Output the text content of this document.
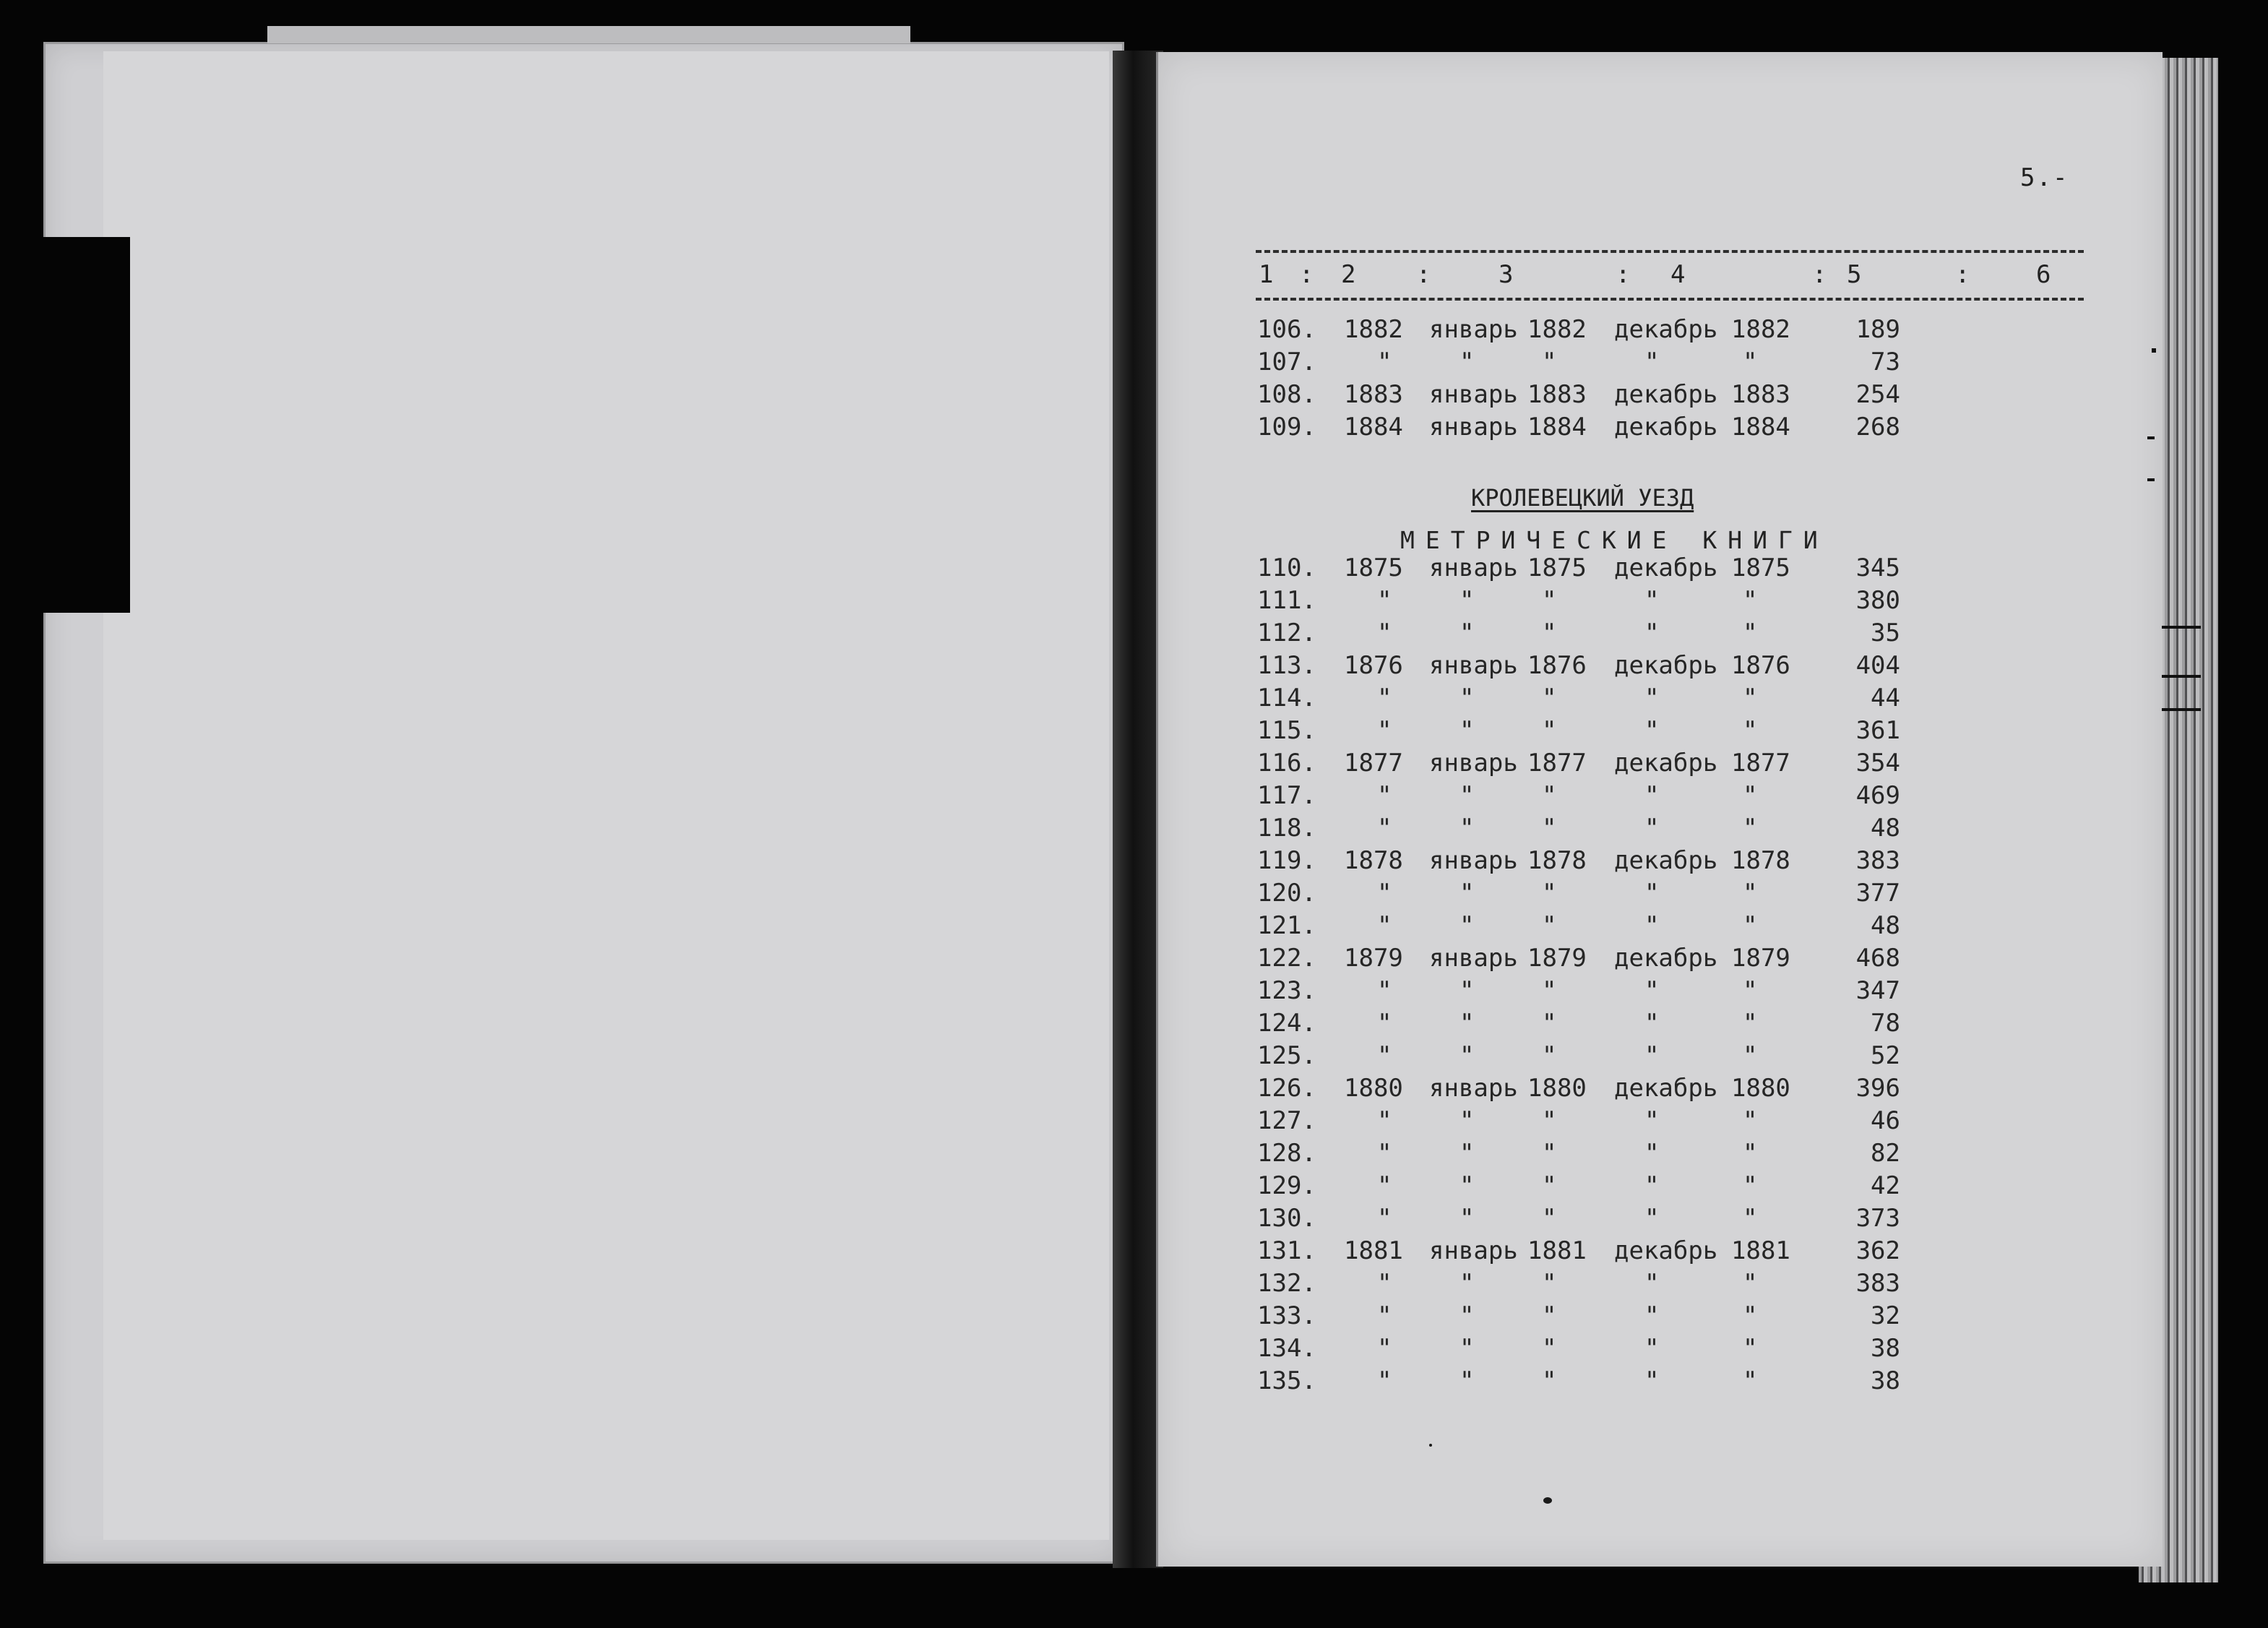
5.-
1 : 2 :	3	: 4	: 5	:	6
106. 1882 январь 1882 декабрь 1882	189
107. "	"	"	"	"	73
108. 1883 январь 1883 декабрь 1883	254
109. 1884 январь 1884 декабрь 1884	268
КРОЛЕВЕЦКИЙ УЕЗД
МЕТРИЧЕСКИЕ КНИГИ
110. 1875 январь 1875 декабрь 1875	345
111. "	"	"	"	"	380
112. "	"	"	"	"	35
113. 1876 январь 1876 декабрь 1876	404
114. "	"	"	"	"	44
115. "	"	"	"	"	361
116. 1877 январь 1877 декабрь 1877	354
117. "	"	"	"	"	469
118. "	"	"	"	"	48
119. 1878 январь 1878 декабрь 1878	383
120. "	"	"	"	"	377
121. "	"	"	"	"	48
122. 1879 январь 1879 декабрь 1879	468
123. "	"	"	"	"	347
124. "	"	"	"	"	78
125. "	"	"	"	"	52
126. 1880 январь 1880 декабрь 1880	396
127. "	"	"	"	"	46
128. "	"	"	"	"	82
129. "	"	"	"	"	42
130. "	"	"	"	"	373
131. 1881 январь 1881 декабрь 1881	362
132. "	"	"	"	"	383
133. "	"	"	"	"	32
134. "	"	"	"	"	38
135. "	"	"	"	"	38
